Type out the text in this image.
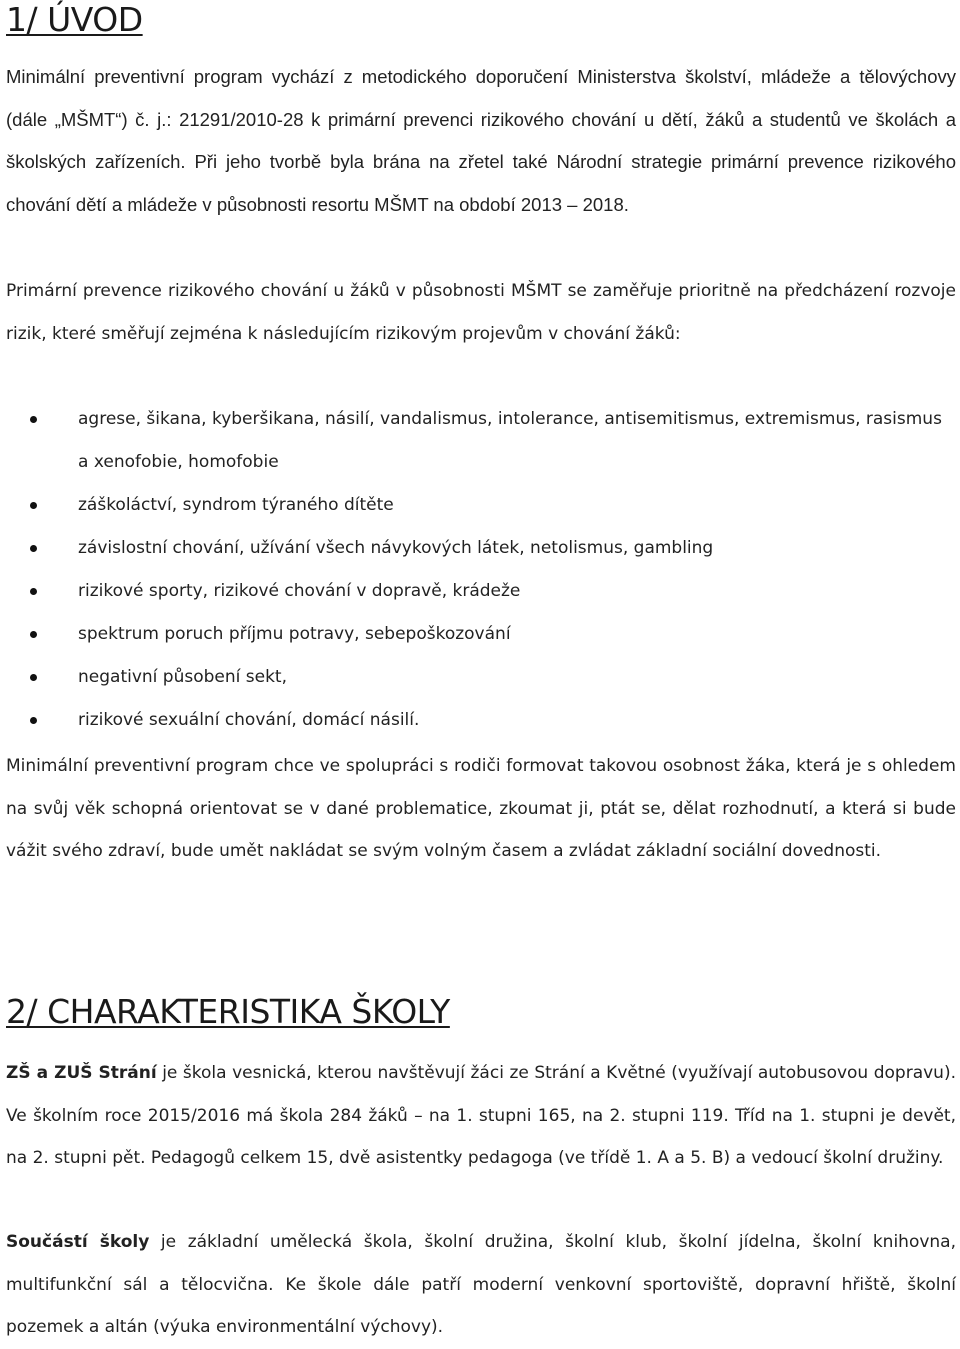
1/ ÚVOD

Minimální preventivní program vychází z metodického doporučení Ministerstva školství, mládeže a tělovýchovy (dále „MŠMT“) č. j.: 21291/2010-28 k primární prevenci rizikového chování u dětí, žáků a studentů ve školách a školských zařízeních. Při jeho tvorbě byla brána na zřetel také Národní strategie primární prevence rizikového chování dětí a mládeže v působnosti resortu MŠMT na období 2013 – 2018.

Primární prevence rizikového chování u žáků v působnosti MŠMT se zaměřuje prioritně na předcházení rozvoje rizik, které směřují zejména k následujícím rizikovým projevům v chování žáků:

agrese, šikana, kyberšikana, násilí, vandalismus, intolerance, antisemitismus, extremismus, rasismus a xenofobie, homofobie
záškoláctví, syndrom týraného dítěte
závislostní chování, užívání všech návykových látek, netolismus, gambling
rizikové sporty, rizikové chování v dopravě, krádeže
spektrum poruch příjmu potravy, sebepoškozování
negativní působení sekt,
rizikové sexuální chování, domácí násilí.

Minimální preventivní program chce ve spolupráci s rodiči formovat takovou osobnost žáka, která je s ohledem na svůj věk schopná orientovat se v dané problematice, zkoumat ji, ptát se, dělat rozhodnutí, a která si bude vážit svého zdraví, bude umět nakládat se svým volným časem a zvládat základní sociální dovednosti.

2/ CHARAKTERISTIKA ŠKOLY

ZŠ a ZUŠ Strání je škola vesnická, kterou navštěvují žáci ze Strání a Květné (využívají autobusovou dopravu). Ve školním roce 2015/2016 má škola 284 žáků – na 1. stupni 165, na 2. stupni 119. Tříd na 1. stupni je devět, na 2. stupni pět. Pedagogů celkem 15, dvě asistentky pedagoga (ve třídě 1. A a 5. B) a vedoucí školní družiny.

Součástí školy je základní umělecká škola, školní družina, školní klub, školní jídelna, školní knihovna, multifunkční sál a tělocvična. Ke škole dále patří moderní venkovní sportoviště, dopravní hřiště, školní pozemek a altán (výuka environmentální výchovy).
